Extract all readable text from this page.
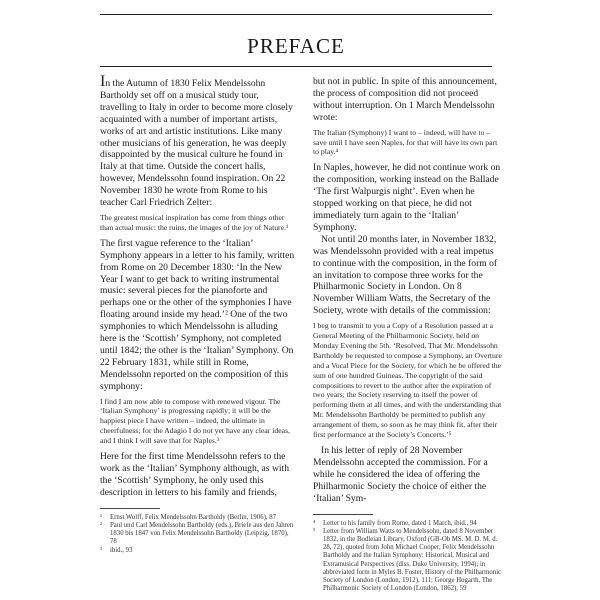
PREFACE

In the Autumn of 1830 Felix Mendelssohn Bartholdy set off on a musical study tour, travelling to Italy in order to become more closely acquainted with a number of important artists, works of art and artistic institutions. Like many other musicians of his generation, he was deeply disappointed by the musical culture he found in Italy at that time. Outside the concert halls, however, Mendelssohn found inspiration. On 22 November 1830 he wrote from Rome to his teacher Carl Friedrich Zelter:

The greatest musical inspiration has come from things other than actual music: the ruins, the images of the joy of Nature.¹

The first vague reference to the ‘Italian’ Symphony appears in a letter to his family, written from Rome on 20 December 1830: ‘In the New Year I want to get back to writing instrumental music: several pieces for the pianoforte and perhaps one or the other of the symphonies I have floating around inside my head.’² One of the two symphonies to which Mendelssohn is alluding here is the ‘Scottish’ Symphony, not completed until 1842; the other is the ‘Italian’ Symphony. On 22 February 1831, while still in Rome, Mendelssohn reported on the composition of this symphony:

I find I am now able to compose with renewed vigour. The ‘Italian Symphony’ is progressing rapidly; it will be the happiest piece I have written – indeed, the ultimate in cheerfulness; for the Adagio I do not yet have any clear ideas, and I think I will save that for Naples.³

Here for the first time Mendelssohn refers to the work as the ‘Italian’ Symphony although, as with the ‘Scottish’ Symphony, he only used this description in letters to his family and friends,

¹	Ernst Wolff, Felix Mendelssohn Bartholdy (Berlin, 1906), 87
²	Paul und Carl Mendelssohn Bartholdy (eds.), Briefe aus den Jahren 1830 bis 1847 von Felix Mendelssohn Bartholdy (Leipzig, 1870), 78
³	ibid., 93

but not in public. In spite of this announcement, the process of composition did not proceed without interruption. On 1 March Mendelssohn wrote:

The Italian (Symphony) I want to – indeed, will have to – save until I have seen Naples, for that will have its own part to play.⁴

In Naples, however, he did not continue work on the composition, working instead on the Ballade ‘The first Walpurgis night’. Even when he stopped working on that piece, he did not immediately turn again to the ‘Italian’ Symphony.

Not until 20 months later, in November 1832, was Mendelssohn provided with a real impetus to continue with the composition, in the form of an invitation to compose three works for the Philharmonic Society in London. On 8 November William Watts, the Secretary of the Society, wrote with details of the commission:

I beg to transmit to you a Copy of a Resolution passed at a General Meeting of the Philharmonic Society, held on Monday Evening the 5th. ‘Resolved, That Mr. Mendelssohn Bartholdy be requested to compose a Symphony, an Overture and a Vocal Piece for the Society, for which he be offered the sum of one hundred Guineas. The copyright of the said compositions to revert to the author after the expiration of two years; the Society reserving to itself the power of performing them at all times, and with the understanding that Mr. Mendelssohn Bartholdy be permitted to publish any arrangement of them, so soon as he may think fit, after their first performance at the Society’s Concerts.’⁵

In his letter of reply of 28 November Mendelssohn accepted the commission. For a while he considered the idea of offering the Philharmonic Society the choice of either the ‘Italian’ Sym-

⁴	Letter to his family from Rome, dated 1 March, ibid., 94
⁵	Letter from William Watts to Mendelssohn, dated 8 November 1832, in the Bodleian Library, Oxford (GB-Ob MS. M. D. M. d. 28, 72), quoted from John Michael Cooper, Felix Mendelssohn Bartholdy and the Italian Symphony: Historical, Musical and Extramusical Perspectives (diss. Duke University, 1994); in abbreviated form in Myles B. Foster, History of the Philharmonic Society of London (London, 1912), 111; George Hogarth, The Philharmonic Society of London (London, 1862), 59
